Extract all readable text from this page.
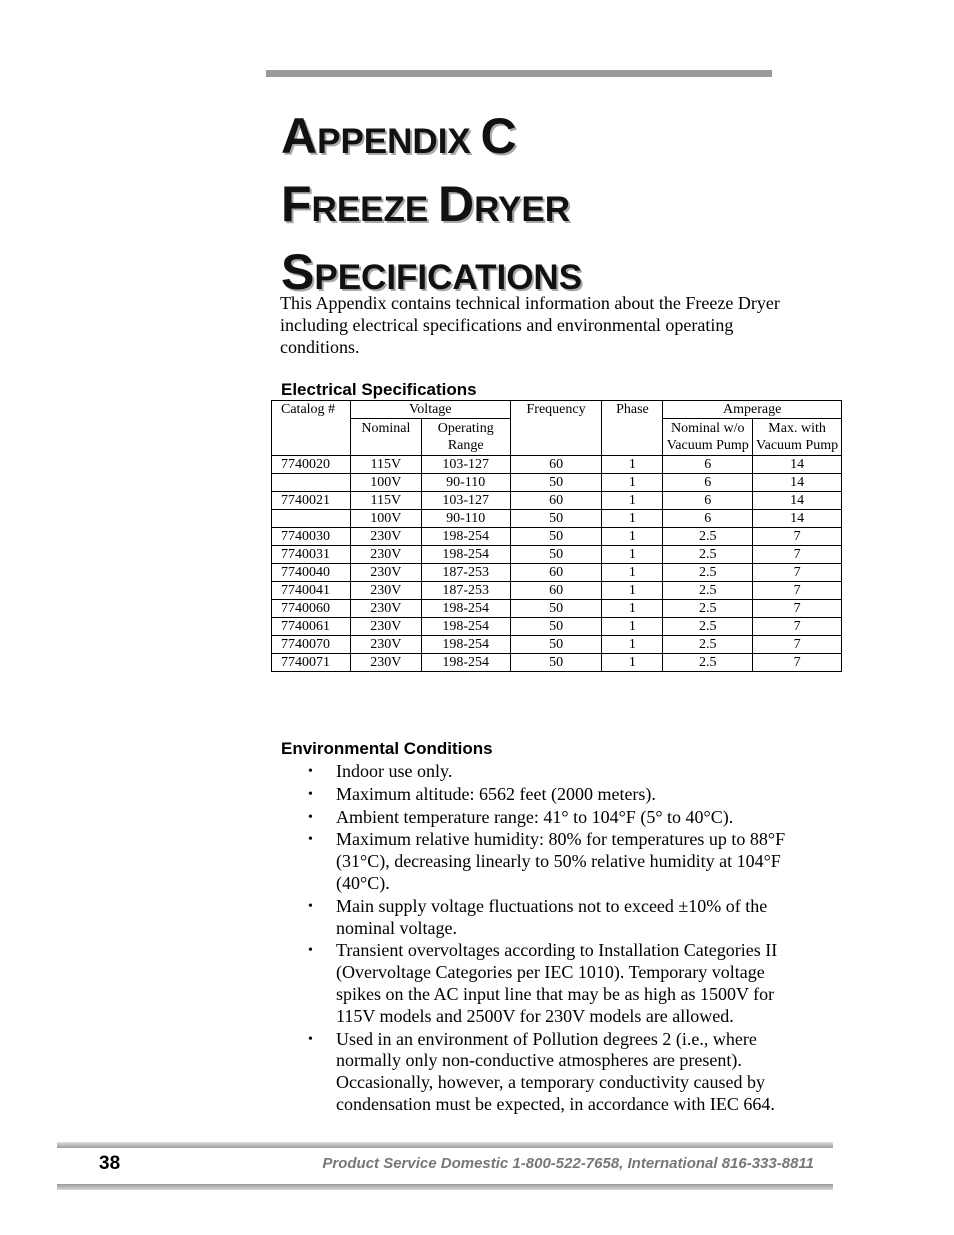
APPENDIX C
FREEZE DRYER
SPECIFICATIONS

This Appendix contains technical information about the Freeze Dryer including electrical specifications and environmental operating conditions.

Electrical Specifications
Catalog #	Voltage		Frequency	Phase	Amperage	
	Nominal	Operating Range			Nominal w/o Vacuum Pump	Max. with Vacuum Pump
7740020	115V	103-127	60	1	6	14
	100V	90-110	50	1	6	14
7740021	115V	103-127	60	1	6	14
	100V	90-110	50	1	6	14
7740030	230V	198-254	50	1	2.5	7
7740031	230V	198-254	50	1	2.5	7
7740040	230V	187-253	60	1	2.5	7
7740041	230V	187-253	60	1	2.5	7
7740060	230V	198-254	50	1	2.5	7
7740061	230V	198-254	50	1	2.5	7
7740070	230V	198-254	50	1	2.5	7
7740071	230V	198-254	50	1	2.5	7
Environmental Conditions
• Indoor use only.
• Maximum altitude: 6562 feet (2000 meters).
• Ambient temperature range: 41° to 104°F (5° to 40°C).
• Maximum relative humidity: 80% for temperatures up to 88°F (31°C), decreasing linearly to 50% relative humidity at 104°F (40°C).
• Main supply voltage fluctuations not to exceed ±10% of the nominal voltage.
• Transient overvoltages according to Installation Categories II (Overvoltage Categories per IEC 1010). Temporary voltage spikes on the AC input line that may be as high as 1500V for 115V models and 2500V for 230V models are allowed.
• Used in an environment of Pollution degrees 2 (i.e., where normally only non-conductive atmospheres are present). Occasionally, however, a temporary conductivity caused by condensation must be expected, in accordance with IEC 664.
38	Product Service Domestic 1-800-522-7658, International 816-333-8811
